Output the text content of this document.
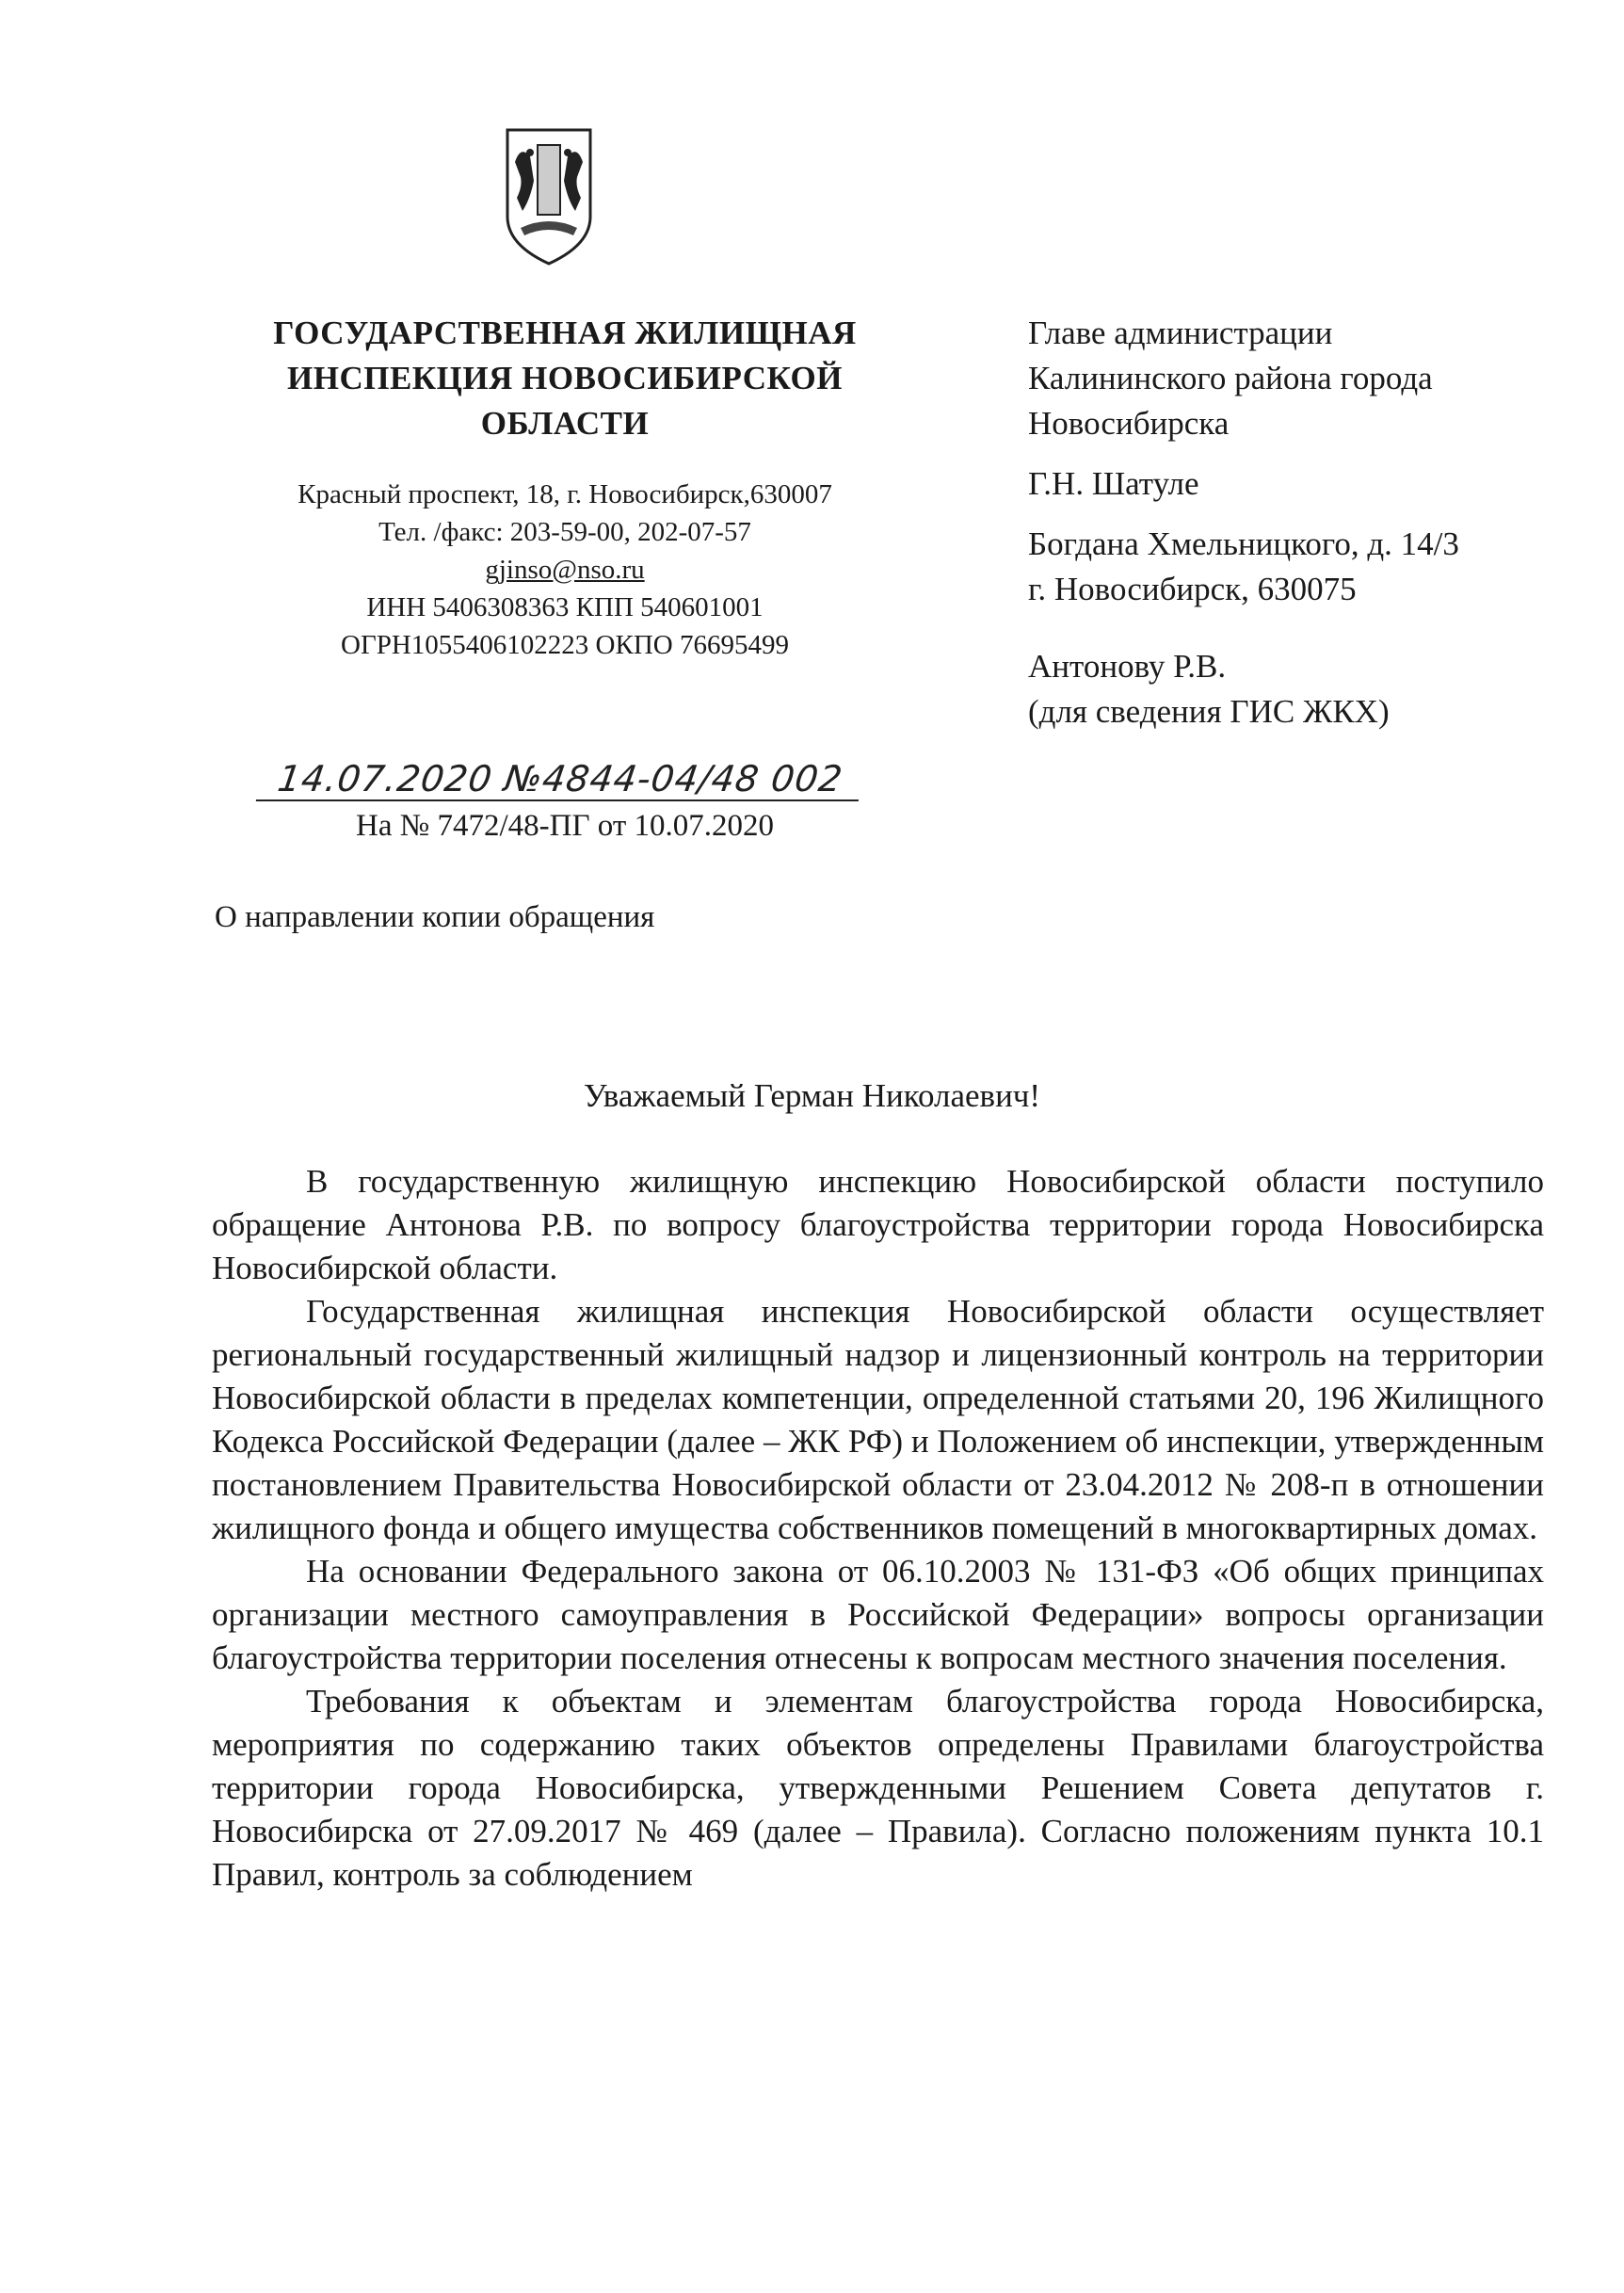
ГОСУДАРСТВЕННАЯ ЖИЛИЩНАЯ
ИНСПЕКЦИЯ НОВОСИБИРСКОЙ
ОБЛАСТИ
Красный проспект, 18, г. Новосибирск,630007
Тел. /факс: 203-59-00, 202-07-57
gjinso@nso.ru
ИНН 5406308363 КПП 540601001
ОГРН1055406102223 ОКПО 76695499
14.07.2020 №4844-04/48 002
На № 7472/48-ПГ от 10.07.2020
О направлении копии обращения

Главе администрации

Калининского района города

Новосибирска

Г.Н. Шатуле

Богдана Хмельницкого, д. 14/3

г. Новосибирск, 630075

Антонову Р.В.

(для сведения ГИС ЖКХ)

Уважаемый Герман Николаевич!

В государственную жилищную инспекцию Новосибирской области поступило обращение Антонова Р.В. по вопросу благоустройства территории города Новосибирска Новосибирской области.

Государственная жилищная инспекция Новосибирской области осуществляет региональный государственный жилищный надзор и лицензионный контроль на территории Новосибирской области в пределах компетенции, определенной статьями 20, 196 Жилищного Кодекса Российской Федерации (далее – ЖК РФ) и Положением об инспекции, утвержденным постановлением Правительства Новосибирской области от 23.04.2012 № 208-п в отношении жилищного фонда и общего имущества собственников помещений в многоквартирных домах.

На основании Федерального закона от 06.10.2003 № 131-ФЗ «Об общих принципах организации местного самоуправления в Российской Федерации» вопросы организации благоустройства территории поселения отнесены к вопросам местного значения поселения.

Требования к объектам и элементам благоустройства города Новосибирска, мероприятия по содержанию таких объектов определены Правилами благоустройства территории города Новосибирска, утвержденными Решением Совета депутатов г. Новосибирска от 27.09.2017 № 469 (далее – Правила). Согласно положениям пункта 10.1 Правил, контроль за соблюдением
